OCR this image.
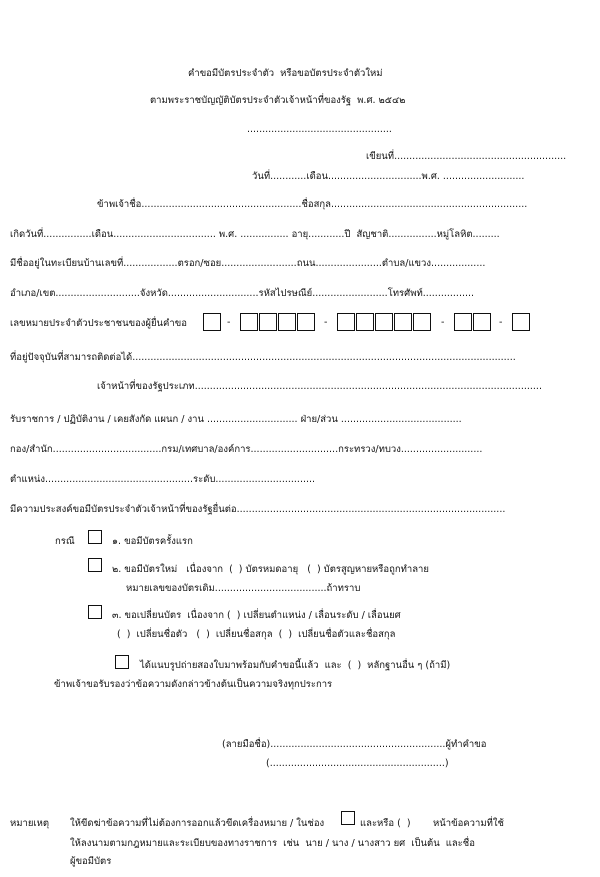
คำขอมีบัตรประจำตัว  หรือขอบัตรประจำตัวใหม่
ตามพระราชบัญญัติบัตรประจำตัวเจ้าหน้าที่ของรัฐ  พ.ศ. ๒๕๔๒
................................................
เขียนที่.........................................................
วันที่............เดือน...............................พ.ศ. ...........................
ข้าพเจ้าชื่อ.....................................................ชื่อสกุล.................................................................
เกิดวันที่................เดือน.................................. พ.ศ. ................ อายุ............ปี  สัญชาติ................หมู่โลหิต.........
มีชื่ออยู่ในทะเบียนบ้านเลขที่..................ตรอก/ซอย.........................ถนน......................ตำบล/แขวง..................
อำเภอ/เขต............................จังหวัด..............................รหัสไปรษณีย์.........................โทรศัพท์.................
เลขหมายประจำตัวประชาชนของผู้ยื่นคำขอ	-	-	-	-
ที่อยู่ปัจจุบันที่สามารถติดต่อได้...............................................................................................................................
เจ้าหน้าที่ของรัฐประเภท...................................................................................................................
รับราชการ / ปฏิบัติงาน / เคยสังกัด แผนก / งาน .............................. ฝ่าย/ส่วน ........................................
กอง/สำนัก....................................กรม/เทศบาล/องค์การ.............................กระทรวง/ทบวง...........................
ตำแหน่ง.................................................ระดับ.................................
มีความประสงค์ขอมีบัตรประจำตัวเจ้าหน้าที่ของรัฐยื่นต่อ.........................................................................................
กรณี	๑. ขอมีบัตรครั้งแรก
๒. ขอมีบัตรใหม่   เนื่องจาก  (  ) บัตรหมดอายุ   (  ) บัตรสูญหายหรือถูกทำลาย
หมายเลขของบัตรเดิม.....................................ถ้าทราบ
๓. ขอเปลี่ยนบัตร  เนื่องจาก (  ) เปลี่ยนตำแหน่ง / เลื่อนระดับ / เลื่อนยศ
(  )  เปลี่ยนชื่อตัว   (  )  เปลี่ยนชื่อสกุล  (  )  เปลี่ยนชื่อตัวและชื่อสกุล
ได้แนบรูปถ่ายสองใบมาพร้อมกับคำขอนี้แล้ว  และ  (  )  หลักฐานอื่น ๆ (ถ้ามี)
ข้าพเจ้าขอรับรองว่าข้อความดังกล่าวข้างต้นเป็นความจริงทุกประการ
(ลายมือชื่อ)..........................................................ผู้ทำคำขอ
(..........................................................)
หมายเหตุ ให้ขีดฆ่าข้อความที่ไม่ต้องการออกแล้วขีดเครื่องหมาย / ในช่อง	และหรือ (  ) หน้าข้อความที่ใช้
ให้ลงนามตามกฎหมายและระเบียบของทางราชการ  เช่น  นาย / นาง / นางสาว ยศ  เป็นต้น  และชื่อ
ผู้ขอมีบัตร
